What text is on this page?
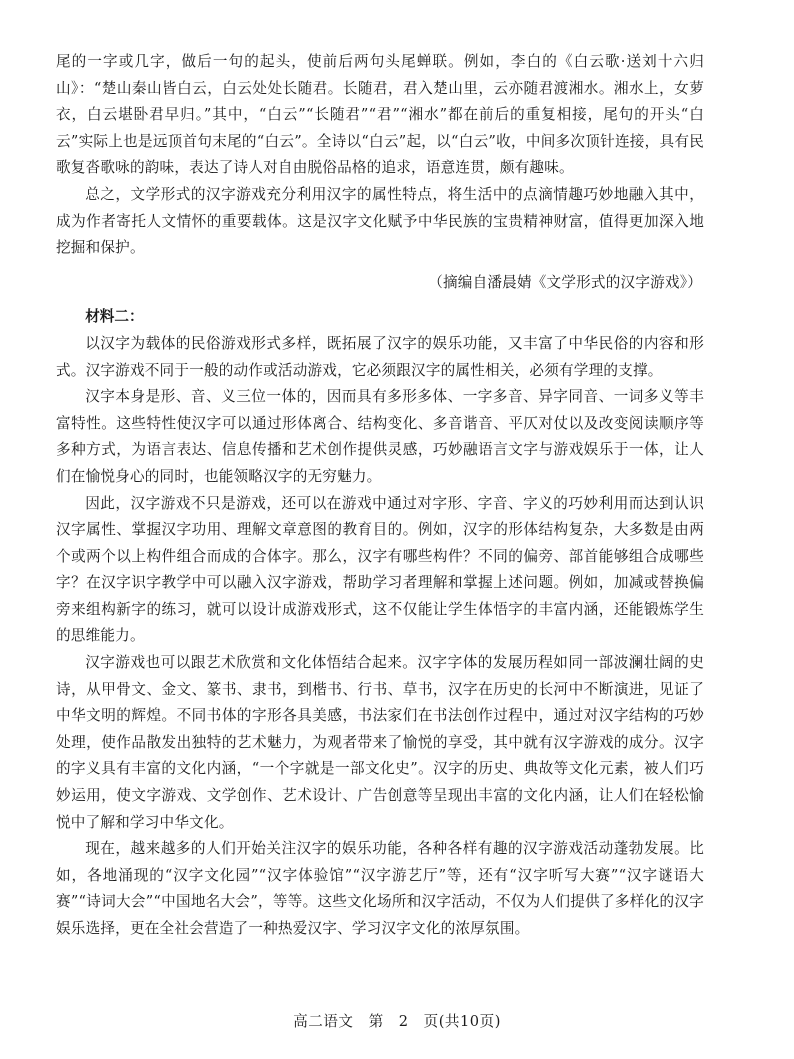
尾的一字或几字，做后一句的起头，使前后两句头尾蝉联。例如，李白的《白云歌·送刘十六归山》：“楚山秦山皆白云，白云处处长随君。长随君，君入楚山里，云亦随君渡湘水。湘水上，女萝衣，白云堪卧君早归。”其中，“白云”“长随君”“君”“湘水”都在前后的重复相接，尾句的开头“白云”实际上也是远顶首句末尾的“白云”。全诗以“白云”起，以“白云”收，中间多次顶针连接，具有民歌复沓歌咏的韵味，表达了诗人对自由脱俗品格的追求，语意连贯，颇有趣味。

总之，文学形式的汉字游戏充分利用汉字的属性特点，将生活中的点滴情趣巧妙地融入其中，成为作者寄托人文情怀的重要载体。这是汉字文化赋予中华民族的宝贵精神财富，值得更加深入地挖掘和保护。

（摘编自潘晨婧《文学形式的汉字游戏》）

材料二：

以汉字为载体的民俗游戏形式多样，既拓展了汉字的娱乐功能，又丰富了中华民俗的内容和形式。汉字游戏不同于一般的动作或活动游戏，它必须跟汉字的属性相关，必须有学理的支撑。

汉字本身是形、音、义三位一体的，因而具有多形多体、一字多音、异字同音、一词多义等丰富特性。这些特性使汉字可以通过形体离合、结构变化、多音谐音、平仄对仗以及改变阅读顺序等多种方式，为语言表达、信息传播和艺术创作提供灵感，巧妙融语言文字与游戏娱乐于一体，让人们在愉悦身心的同时，也能领略汉字的无穷魅力。

因此，汉字游戏不只是游戏，还可以在游戏中通过对字形、字音、字义的巧妙利用而达到认识汉字属性、掌握汉字功用、理解文章意图的教育目的。例如，汉字的形体结构复杂，大多数是由两个或两个以上构件组合而成的合体字。那么，汉字有哪些构件？不同的偏旁、部首能够组合成哪些字？在汉字识字教学中可以融入汉字游戏，帮助学习者理解和掌握上述问题。例如，加减或替换偏旁来组构新字的练习，就可以设计成游戏形式，这不仅能让学生体悟字的丰富内涵，还能锻炼学生的思维能力。

汉字游戏也可以跟艺术欣赏和文化体悟结合起来。汉字字体的发展历程如同一部波澜壮阔的史诗，从甲骨文、金文、篆书、隶书，到楷书、行书、草书，汉字在历史的长河中不断演进，见证了中华文明的辉煌。不同书体的字形各具美感，书法家们在书法创作过程中，通过对汉字结构的巧妙处理，使作品散发出独特的艺术魅力，为观者带来了愉悦的享受，其中就有汉字游戏的成分。汉字的字义具有丰富的文化内涵，“一个字就是一部文化史”。汉字的历史、典故等文化元素，被人们巧妙运用，使文字游戏、文学创作、艺术设计、广告创意等呈现出丰富的文化内涵，让人们在轻松愉悦中了解和学习中华文化。

现在，越来越多的人们开始关注汉字的娱乐功能，各种各样有趣的汉字游戏活动蓬勃发展。比如，各地涌现的“汉字文化园”“汉字体验馆”“汉字游艺厅”等，还有“汉字听写大赛”“汉字谜语大赛”“诗词大会”“中国地名大会”，等等。这些文化场所和汉字活动，不仅为人们提供了多样化的汉字娱乐选择，更在全社会营造了一种热爱汉字、学习汉字文化的浓厚氛围。

高二语文　第　2　页(共10页)
